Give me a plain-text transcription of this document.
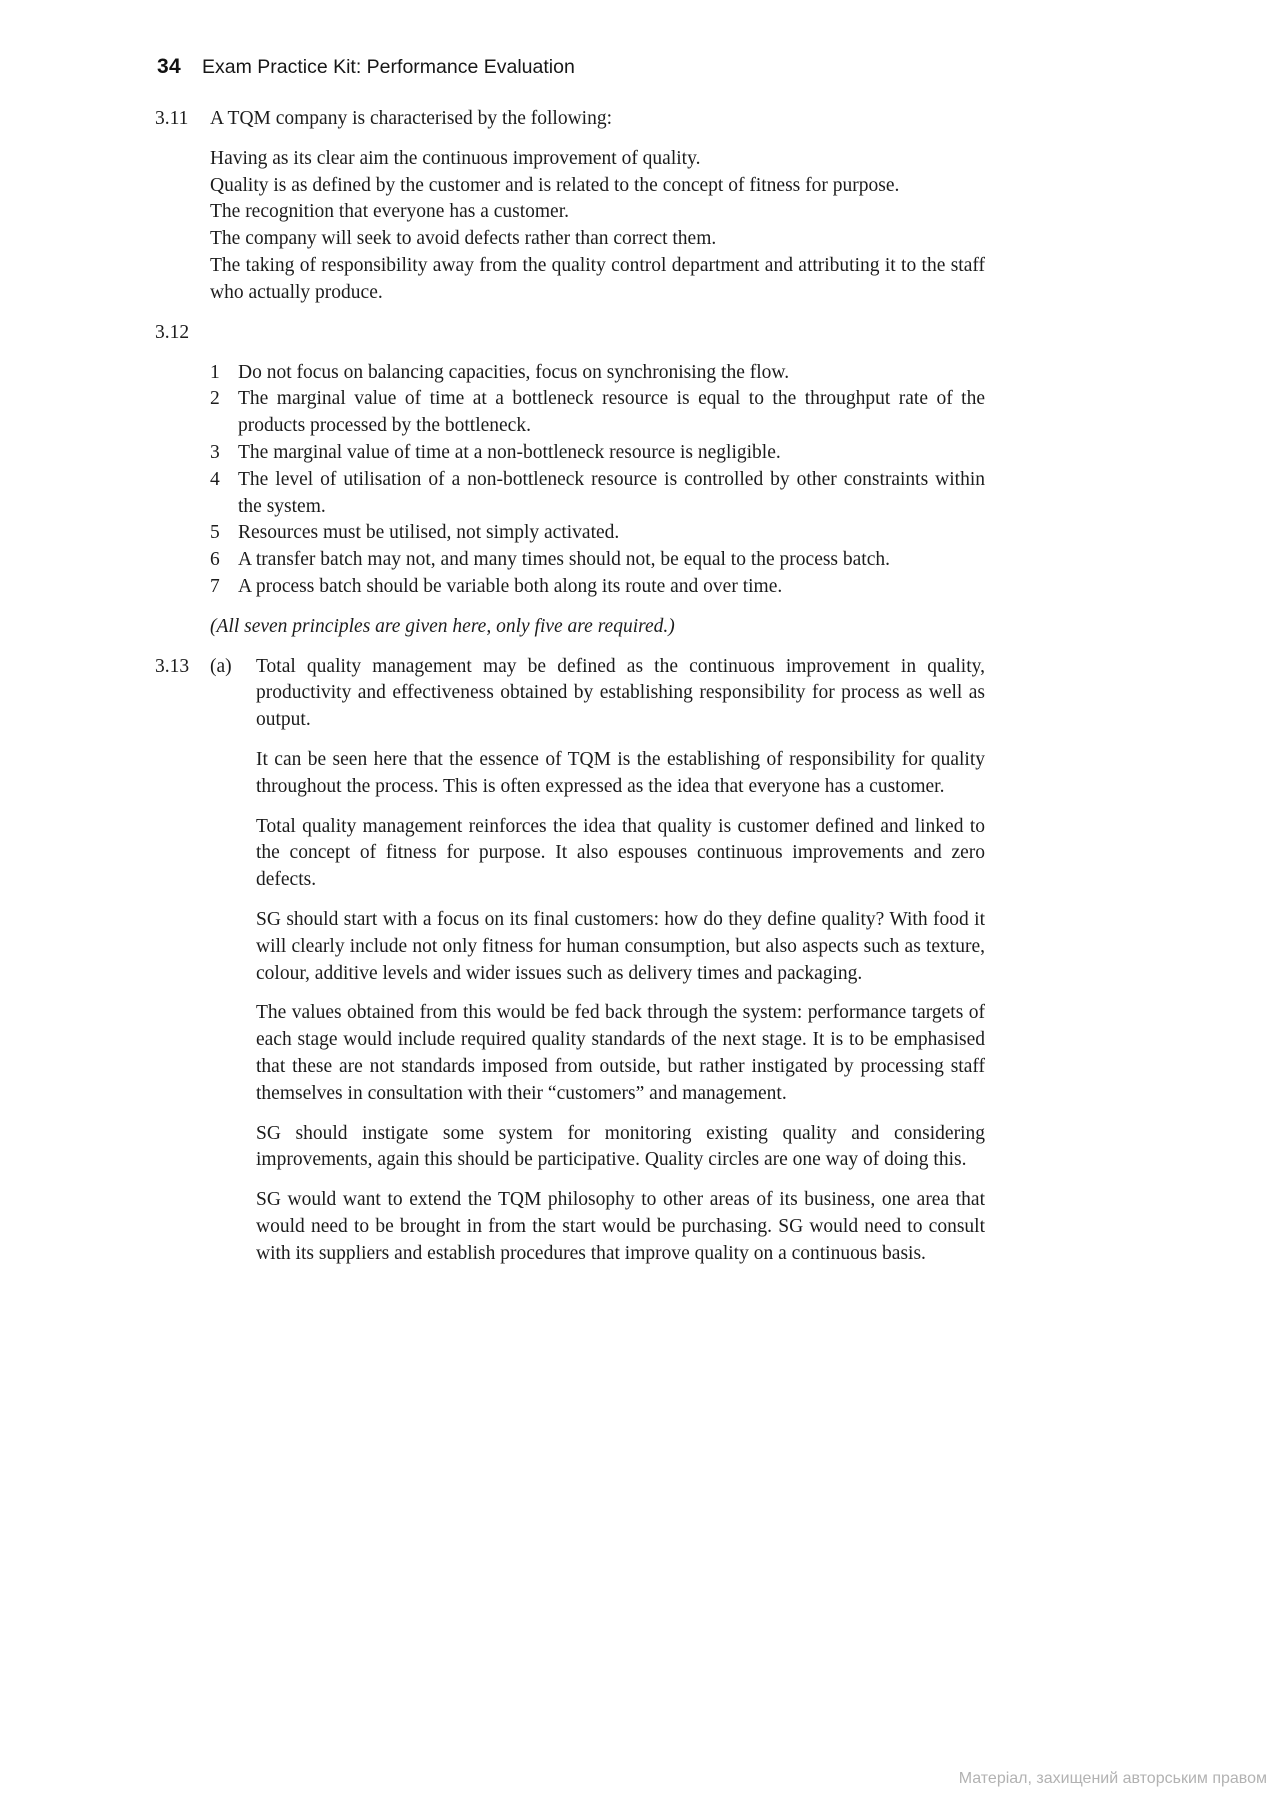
34 Exam Practice Kit: Performance Evaluation
3.11	A TQM company is characterised by the following:

Having as its clear aim the continuous improvement of quality.

Quality is as defined by the customer and is related to the concept of fitness for purpose.

The recognition that everyone has a customer.

The company will seek to avoid defects rather than correct them.

The taking of responsibility away from the quality control department and attributing it to the staff who actually produce.

3.12
1 Do not focus on balancing capacities, focus on synchronising the flow.

2 The marginal value of time at a bottleneck resource is equal to the throughput rate of the products processed by the bottleneck.

3 The marginal value of time at a non-bottleneck resource is negligible.

4 The level of utilisation of a non-bottleneck resource is controlled by other constraints within the system.

5 Resources must be utilised, not simply activated.

6 A transfer batch may not, and many times should not, be equal to the process batch.

7 A process batch should be variable both along its route and over time.

(All seven principles are given here, only five are required.)

3.13	(a)	Total quality management may be defined as the continuous improvement in quality, productivity and effectiveness obtained by establishing responsibility for process as well as output.

It can be seen here that the essence of TQM is the establishing of responsibility for quality throughout the process. This is often expressed as the idea that everyone has a customer.

Total quality management reinforces the idea that quality is customer defined and linked to the concept of fitness for purpose. It also espouses continuous improvements and zero defects.

SG should start with a focus on its final customers: how do they define quality? With food it will clearly include not only fitness for human consumption, but also aspects such as texture, colour, additive levels and wider issues such as delivery times and packaging.

The values obtained from this would be fed back through the system: performance targets of each stage would include required quality standards of the next stage. It is to be emphasised that these are not standards imposed from outside, but rather instigated by processing staff themselves in consultation with their “customers” and management.

SG should instigate some system for monitoring existing quality and considering improvements, again this should be participative. Quality circles are one way of doing this.

SG would want to extend the TQM philosophy to other areas of its business, one area that would need to be brought in from the start would be purchasing. SG would need to consult with its suppliers and establish procedures that improve quality on a continuous basis.

Матеріал, захищений авторським правом
